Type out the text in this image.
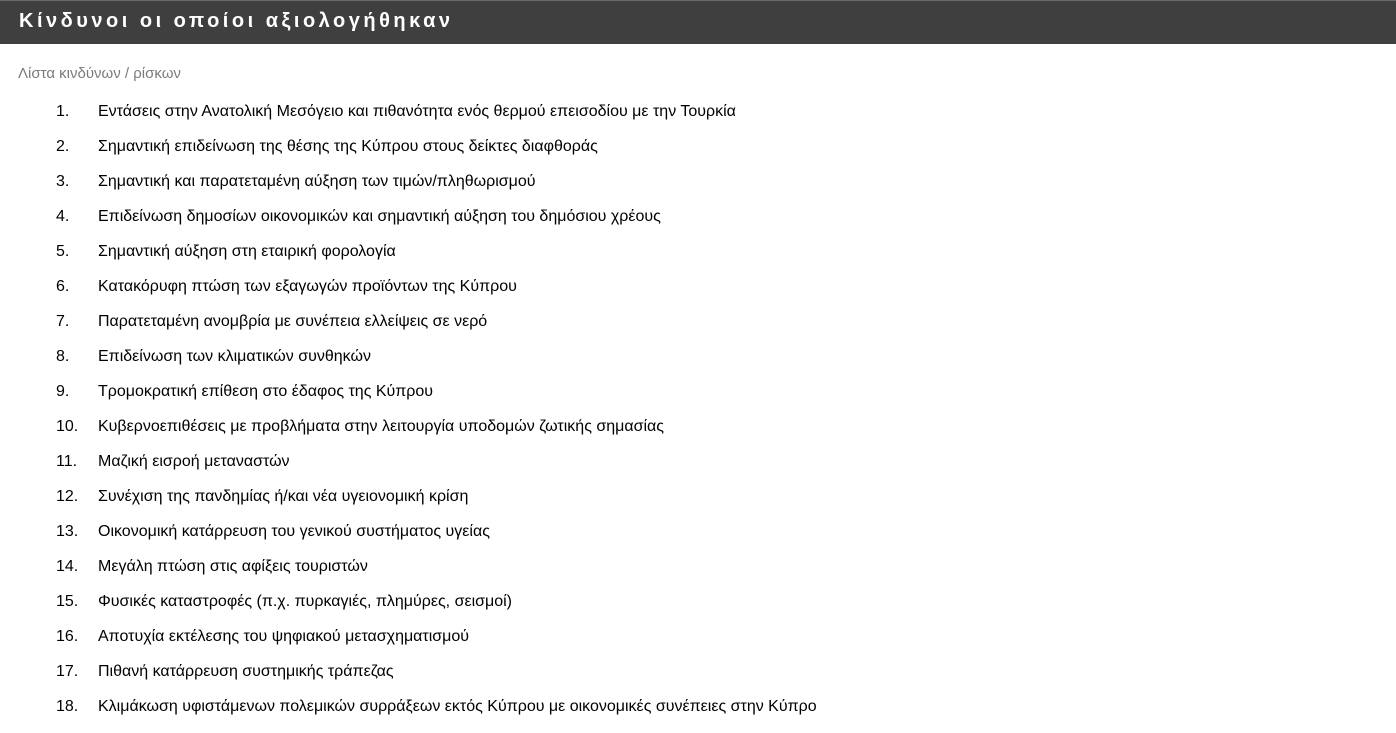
Κίνδυνοι οι οποίοι αξιολογήθηκαν
Λίστα κινδύνων / ρίσκων
1. Εντάσεις στην Ανατολική Μεσόγειο και πιθανότητα ενός θερμού επεισοδίου με την Τουρκία
2. Σημαντική επιδείνωση της θέσης της Κύπρου στους δείκτες διαφθοράς
3. Σημαντική και παρατεταμένη αύξηση των τιμών/πληθωρισμού
4. Επιδείνωση δημοσίων οικονομικών και σημαντική αύξηση του δημόσιου χρέους
5. Σημαντική αύξηση στη εταιρική φορολογία
6. Κατακόρυφη πτώση των εξαγωγών προϊόντων της Κύπρου
7. Παρατεταμένη ανομβρία με συνέπεια ελλείψεις σε νερό
8. Επιδείνωση των κλιματικών συνθηκών
9. Τρομοκρατική επίθεση στο έδαφος της Κύπρου
10. Κυβερνοεπιθέσεις με προβλήματα στην λειτουργία υποδομών ζωτικής σημασίας
11. Μαζική εισροή μεταναστών
12. Συνέχιση της πανδημίας ή/και νέα υγειονομική κρίση
13. Οικονομική κατάρρευση του γενικού συστήματος υγείας
14. Μεγάλη πτώση στις αφίξεις τουριστών
15. Φυσικές καταστροφές (π.χ. πυρκαγιές, πλημύρες, σεισμοί)
16. Αποτυχία εκτέλεσης του ψηφιακού μετασχηματισμού
17. Πιθανή κατάρρευση συστημικής τράπεζας
18. Κλιμάκωση υφιστάμενων πολεμικών συρράξεων εκτός Κύπρου με οικονομικές συνέπειες στην Κύπρο
